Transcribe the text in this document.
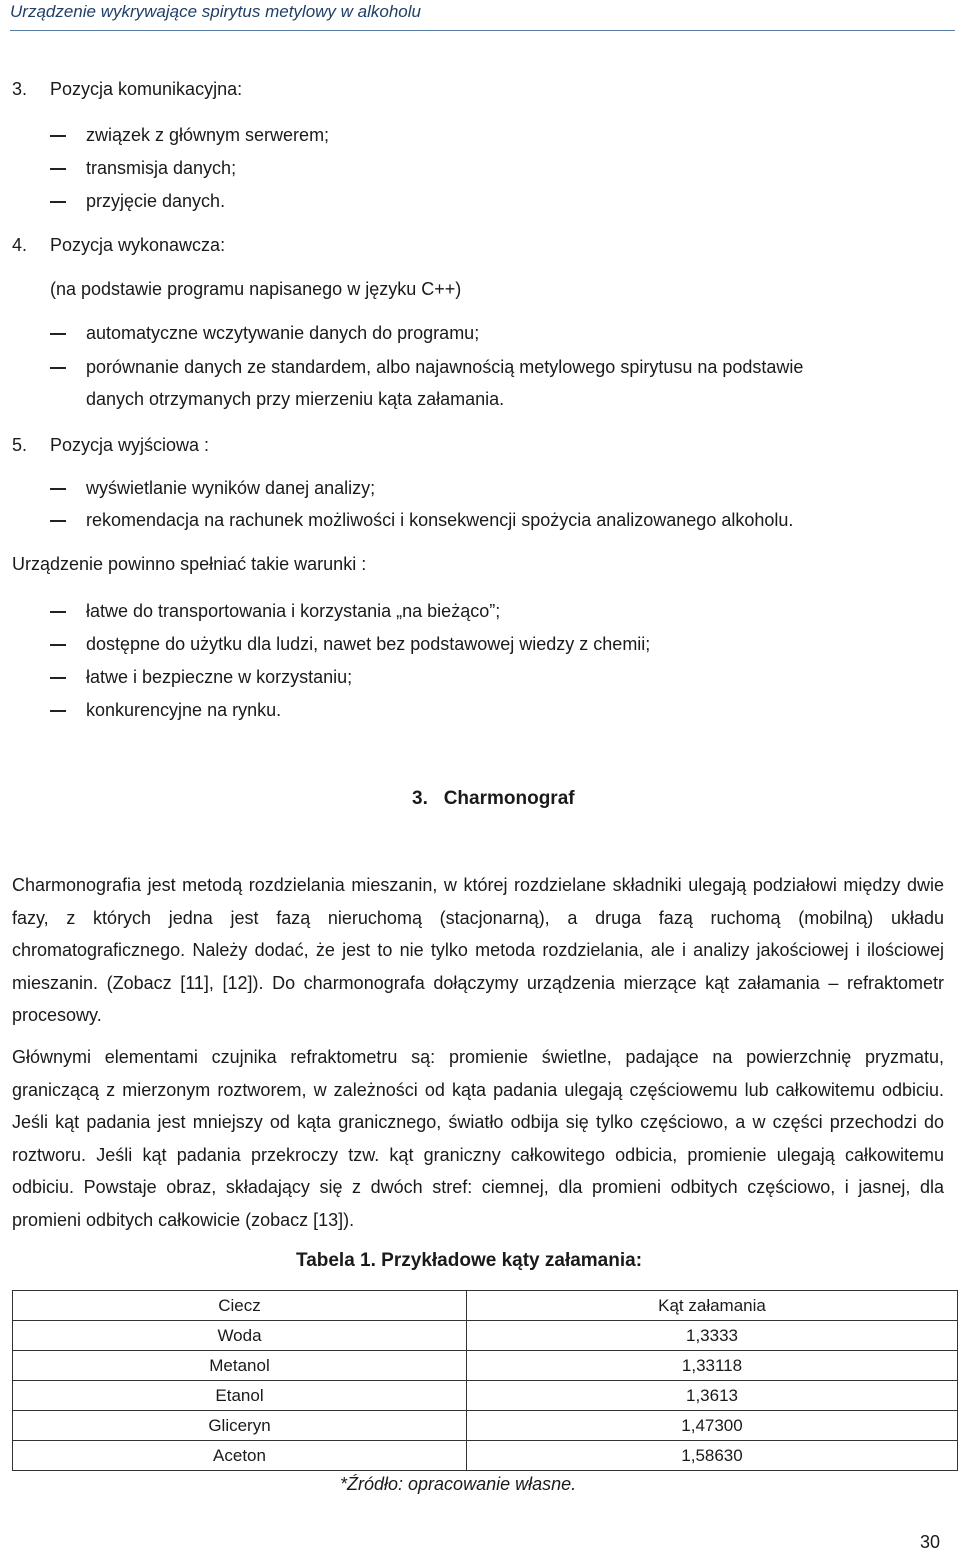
Urządzenie wykrywające spirytus metylowy w alkoholu
3. Pozycja komunikacyjna:
związek z głównym serwerem;
transmisja danych;
przyjęcie danych.
4. Pozycja wykonawcza:
(na podstawie programu napisanego w języku C++)
automatyczne wczytywanie danych do programu;
porównanie danych ze standardem, albo najawnością metylowego spirytusu na podstawie
danych otrzymanych przy mierzeniu kąta załamania.
5. Pozycja wyjściowa :
wyświetlanie wyników danej analizy;
rekomendacja na rachunek możliwości i konsekwencji spożycia analizowanego alkoholu.
Urządzenie powinno spełniać takie warunki :
łatwe do transportowania i korzystania „na bieżąco”;
dostępne do użytku dla ludzi, nawet bez podstawowej wiedzy z chemii;
łatwe i bezpieczne w korzystaniu;
konkurencyjne na rynku.
3. Charmonograf
Charmonografia jest metodą rozdzielania mieszanin, w której rozdzielane składniki ulegają podziałowi między dwie fazy, z których jedna jest fazą nieruchomą (stacjonarną), a druga fazą ruchomą (mobilną) układu chromatograficznego. Należy dodać, że jest to nie tylko metoda rozdzielania, ale i analizy jakościowej i ilościowej mieszanin. (Zobacz [11], [12]). Do charmonografa dołączymy urządzenia mierzące kąt załamania – refraktometr procesowy.
Głównymi elementami czujnika refraktometru są: promienie świetlne, padające na powierzchnię pryzmatu, graniczącą z mierzonym roztworem, w zależności od kąta padania ulegają częściowemu lub całkowitemu odbiciu. Jeśli kąt padania jest mniejszy od kąta granicznego, światło odbija się tylko częściowo, a w części przechodzi do roztworu. Jeśli kąt padania przekroczy tzw. kąt graniczny całkowitego odbicia, promienie ulegają całkowitemu odbiciu. Powstaje obraz, składający się z dwóch stref: ciemnej, dla promieni odbitych częściowo, i jasnej, dla promieni odbitych całkowicie (zobacz [13]).
Tabela 1. Przykładowe kąty załamania:
Ciecz	Kąt załamania
Woda	1,3333
Metanol	1,33118
Etanol	1,3613
Gliceryn	1,47300
Aceton	1,58630
*Źródło: opracowanie własne.
30
